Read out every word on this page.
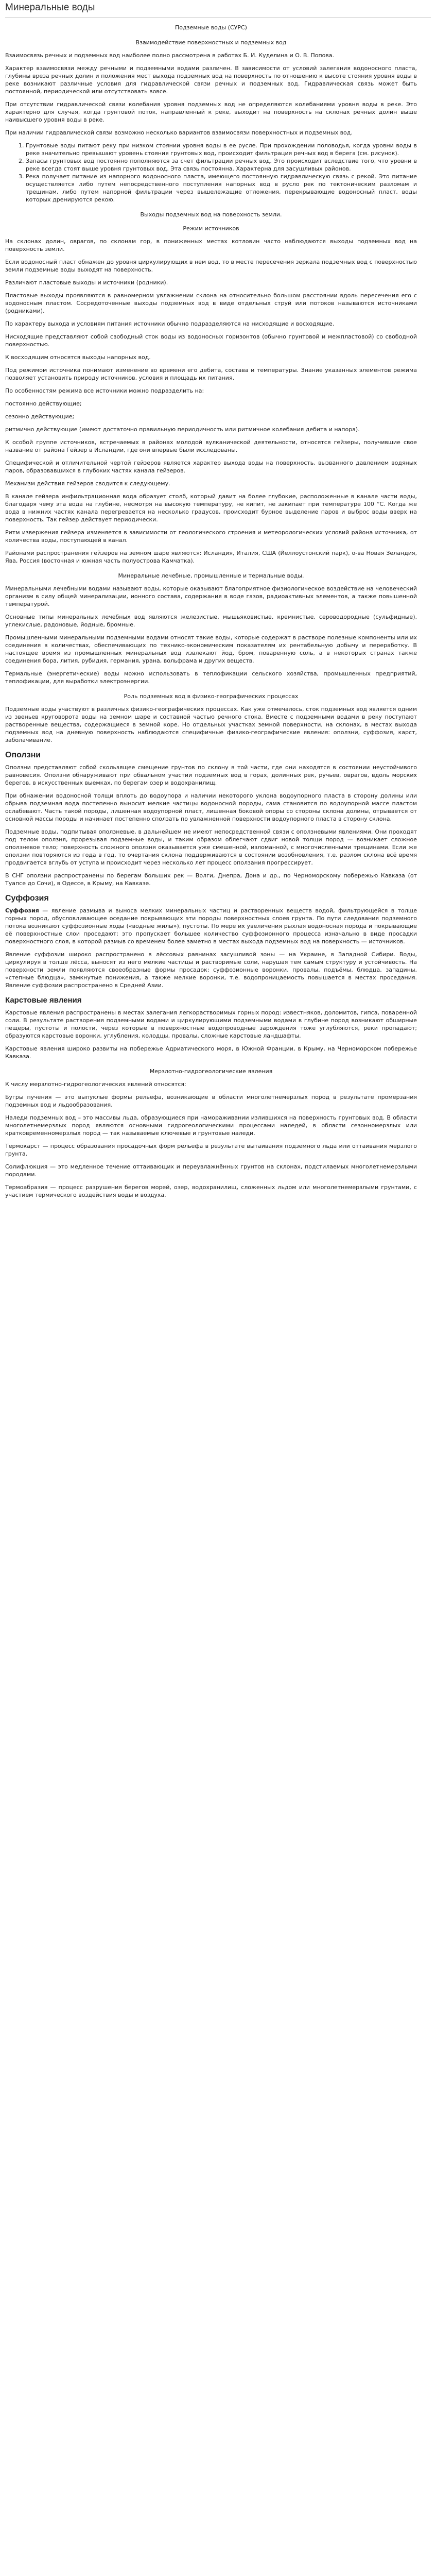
Минеральные воды
Подземные воды (СУРС)
Взаимодействие поверхностных и подземных вод

Взаимосвязь речных и подземных вод наиболее полно рассмотрена в работах Б. И. Куделина и О. В. Попова.

Характер взаимосвязи между речными и подземными водами различен. В зависимости от условий залегания водоносного пласта, глубины вреза речных долин и положения мест выхода подземных вод на поверхность по отношению к высоте стояния уровня воды в реке возникают различные условия для гидравлической связи речных и подземных вод. Гидравлическая связь может быть постоянной, периодической или отсутствовать вовсе.

При отсутствии гидравлической связи колебания уровня подземных вод не определяются колебаниями уровня воды в реке. Это характерно для случая, когда грунтовой поток, направленный к реке, выходит на поверхность на склонах речных долин выше наивысшего уровня воды в реке.

При наличии гидравлической связи возможно несколько вариантов взаимосвязи поверхностных и подземных вод.

1. Грунтовые воды питают реку при низком стоянии уровня воды в ее русле. При прохождении половодья, когда уровни воды в реке значительно превышают уровень стояния грунтовых вод, происходит фильтрация речных вод в берега (см. рисунок).
2. Запасы грунтовых вод постоянно пополняются за счет фильтрации речных вод. Это происходит вследствие того, что уровни в реке всегда стоят выше уровня грунтовых вод. Эта связь постоянна. Характерна для засушливых районов.
3. Река получает питание из напорного водоносного пласта, имеющего постоянную гидравлическую связь с рекой. Это питание осуществляется либо путем непосредственного поступления напорных вод в русло рек по тектоническим разломам и трещинам, либо путем напорной фильтрации через вышележащие отложения, перекрывающие водоносный пласт, воды которых дренируются рекою.
Выходы подземных вод на поверхность земли.
Режим источников

На склонах долин, оврагов, по склонам гор, в пониженных местах котловин часто наблюдаются выходы подземных вод на поверхность земли.

Если водоносный пласт обнажен до уровня циркулирующих в нем вод, то в месте пересечения зеркала подземных вод с поверхностью земли подземные воды выходят на поверхность.

Различают пластовые выходы и источники (родники).

Пластовые выходы проявляются в равномерном увлажнении склона на относительно большом расстоянии вдоль пересечения его с водоносным пластом. Сосредоточенные выходы подземных вод в виде отдельных струй или потоков называются источниками (родниками).

По характеру выхода и условиям питания источники обычно подразделяются на нисходящие и восходящие.

Нисходящие представляют собой свободный сток воды из водоносных горизонтов (обычно грунтовой и межпластовой) со свободной поверхностью.

К восходящим относятся выходы напорных вод.

Под режимом источника понимают изменение во времени его дебита, состава и температуры. Знание указанных элементов режима позволяет установить природу источников, условия и площадь их питания.

По особенностям режима все источники можно подразделить на:

постоянно действующие;

сезонно действующие;

ритмично действующие (имеют достаточно правильную периодичность или ритмичное колебания дебита и напора).

К особой группе источников, встречаемых в районах молодой вулканической деятельности, относятся гейзеры, получившие свое название от района Гейзер в Исландии, где они впервые были исследованы.

Специфической и отличительной чертой гейзеров является характер выхода воды на поверхность, вызванного давлением водяных паров, образовавшихся в глубоких частях канала гейзеров.

Механизм действия гейзеров сводится к следующему.

В канале гейзера инфильтрационная вода образует столб, который давит на более глубокие, расположенные в канале части воды, благодаря чему эта вода на глубине, несмотря на высокую температуру, не кипит, не закипает при температуре 100 °С. Когда же вода в нижних частях канала перегревается на несколько градусов, происходит бурное выделение паров и выброс воды вверх на поверхность. Так гейзер действует периодически.

Ритм извержения гейзера изменяется в зависимости от геологического строения и метеорологических условий района источника, от количества воды, поступающей в канал.

Районами распространения гейзеров на земном шаре являются: Исландия, Италия, США (Йеллоустонский парк), о-ва Новая Зеландия, Ява, Россия (восточная и южная часть полуострова Камчатка).

Минеральные лечебные, промышленные и термальные воды.

Минеральными лечебными водами называют воды, которые оказывают благоприятное физиологическое воздействие на человеческий организм в силу общей минерализации, ионного состава, содержания в воде газов, радиоактивных элементов, а также повышенной температурой.

Основные типы минеральных лечебных вод являются железистые, мышьяковистые, кремнистые, сероводородные (сульфидные), углекислые, радоновые, йодные, бромные.

Промышленными минеральными подземными водами относят такие воды, которые содержат в растворе полезные компоненты или их соединения в количествах, обеспечивающих по технико-экономическим показателям их рентабельную добычу и переработку. В настоящее время из промышленных минеральных вод извлекают йод, бром, поваренную соль, а в некоторых странах также соединения бора, лития, рубидия, германия, урана, вольфрама и других веществ.

Термальные (энергетические) воды можно использовать в теплофикации сельского хозяйства, промышленных предприятий, теплофикации, для выработки электроэнергии.

Роль подземных вод в физико-географических процессах

Подземные воды участвуют в различных физико-географических процессах. Как уже отмечалось, сток подземных вод является одним из звеньев круговорота воды на земном шаре и составной частью речного стока. Вместе с подземными водами в реку поступают растворенные вещества, содержащиеся в земной коре. Но отдельных участках земной поверхности, на склонах, в местах выхода подземных вод на дневную поверхность наблюдаются специфичные физико-географические явления: оползни, суффозия, карст, заболачивание.

Оползни

Оползни представляют собой скользящее смещение грунтов по склону в той части, где они находятся в состоянии неустойчивого равновесия. Оползни обнаруживают при обвальном участии подземных вод в горах, долинных рек, ручьев, оврагов, вдоль морских берегов, в искусственных выемках, по берегам озер и водохранилищ.

При обнажении водоносной толщи вплоть до водоупора и наличии некоторого уклона водоупорного пласта в сторону долины или обрыва подземная вода постепенно выносит мелкие частицы водоносной породы, сама становится по водоупорной массе пластом ослабевают. Часть такой породы, лишенная водоупорной пласт, лишенная боковой опоры со стороны склона долины, отрывается от основной массы породы и начинает постепенно сползать по увлажненной поверхности водоупорного пласта в сторону склона.

Подземные воды, подпитывая оползневые, в дальнейшем не имеют непосредственной связи с оползневыми явлениями. Они проходят под телом оползня, прорезывая подземные воды, и таким образом облегчают сдвиг новой толщи пород — возникает сложное оползневое тело; поверхность сложного оползня оказывается уже смешенной, изломанной, с многочисленными трещинами. Если же оползни повторяются из года в год, то очертания склона поддерживаются в состоянии возобновления, т.е. разлом склона всё время продвигается вглубь от уступа и происходит через несколько лет процесс оползания прогрессирует.

В СНГ оползни распространены по берегам больших рек — Волги, Днепра, Дона и др., по Черноморскому побережью Кавказа (от Туапсе до Сочи), в Одессе, в Крыму, на Кавказе.

Суффозия

Суффозия — явление размыва и выноса мелких минеральных частиц и растворенных веществ водой, фильтрующейся в толще горных пород, обусловливающее оседание покрывающих эти породы поверхностных слоев грунта. По пути следования подземного потока возникают суффозионные ходы («водные жилы»), пустоты. По мере их увеличения рыхлая водоносная порода и покрывающие её поверхностные слои проседают; это пропускает большее количество суффозионного процесса изначально в виде просадки поверхностного слоя, в которой размыв со временем более заметно в местах выхода подземных вод на поверхность — источников.

Явление суффозии широко распространено в лёссовых равнинах засушливой зоны — на Украине, в Западной Сибири. Воды, циркулируя в толще лёсса, выносят из него мелкие частицы и растворимые соли, нарушая тем самым структуру и устойчивость. На поверхности земли появляются своеобразные формы просадок: суффозионные воронки, провалы, подъёмы, блюдца, западины, «степные блюдца», замкнутые понижения, а также мелкие воронки, т.е. водопроницаемость повышается в местах проседания. Явление суффозии распространено в Средней Азии.

Карстовые явления

Карстовые явления распространены в местах залегания легкорастворимых горных пород: известняков, доломитов, гипса, поваренной соли. В результате растворения подземными водами и циркулирующими подземными водами в глубине пород возникают обширные пещеры, пустоты и полости, через которые в поверхностные водопроводные зарождения тоже углубляются, реки пропадают; образуются карстовые воронки, углубления, колодцы, провалы, сложные карстовые ландшафты.

Карстовые явления широко развиты на побережье Адриатического моря, в Южной Франции, в Крыму, на Черноморском побережье Кавказа.

Мерзлотно-гидрогеологические явления

К числу мерзлотно-гидрогеологических явлений относятся:

Бугры пучения — это выпуклые формы рельефа, возникающие в области многолетнемерзлых пород в результате промерзания подземных вод и льдообразования.

Наледи подземных вод – это массивы льда, образующиеся при намораживании излившихся на поверхность грунтовых вод. В области многолетнемерзлых пород являются основными гидрогеологическими процессами наледей, в области сезонномерзлых или кратковременномерзлых пород — так называемые ключевые и грунтовые наледи.

Термокарст — процесс образования просадочных форм рельефа в результате вытаивания подземного льда или оттаивания мерзлого грунта.

Солифлюкция — это медленное течение оттаивающих и переувлажнённых грунтов на склонах, подстилаемых многолетнемерзлыми породами.

Термоабразия — процесс разрушения берегов морей, озер, водохранилищ, сложенных льдом или многолетнемерзлыми грунтами, с участием термического воздействия воды и воздуха.
